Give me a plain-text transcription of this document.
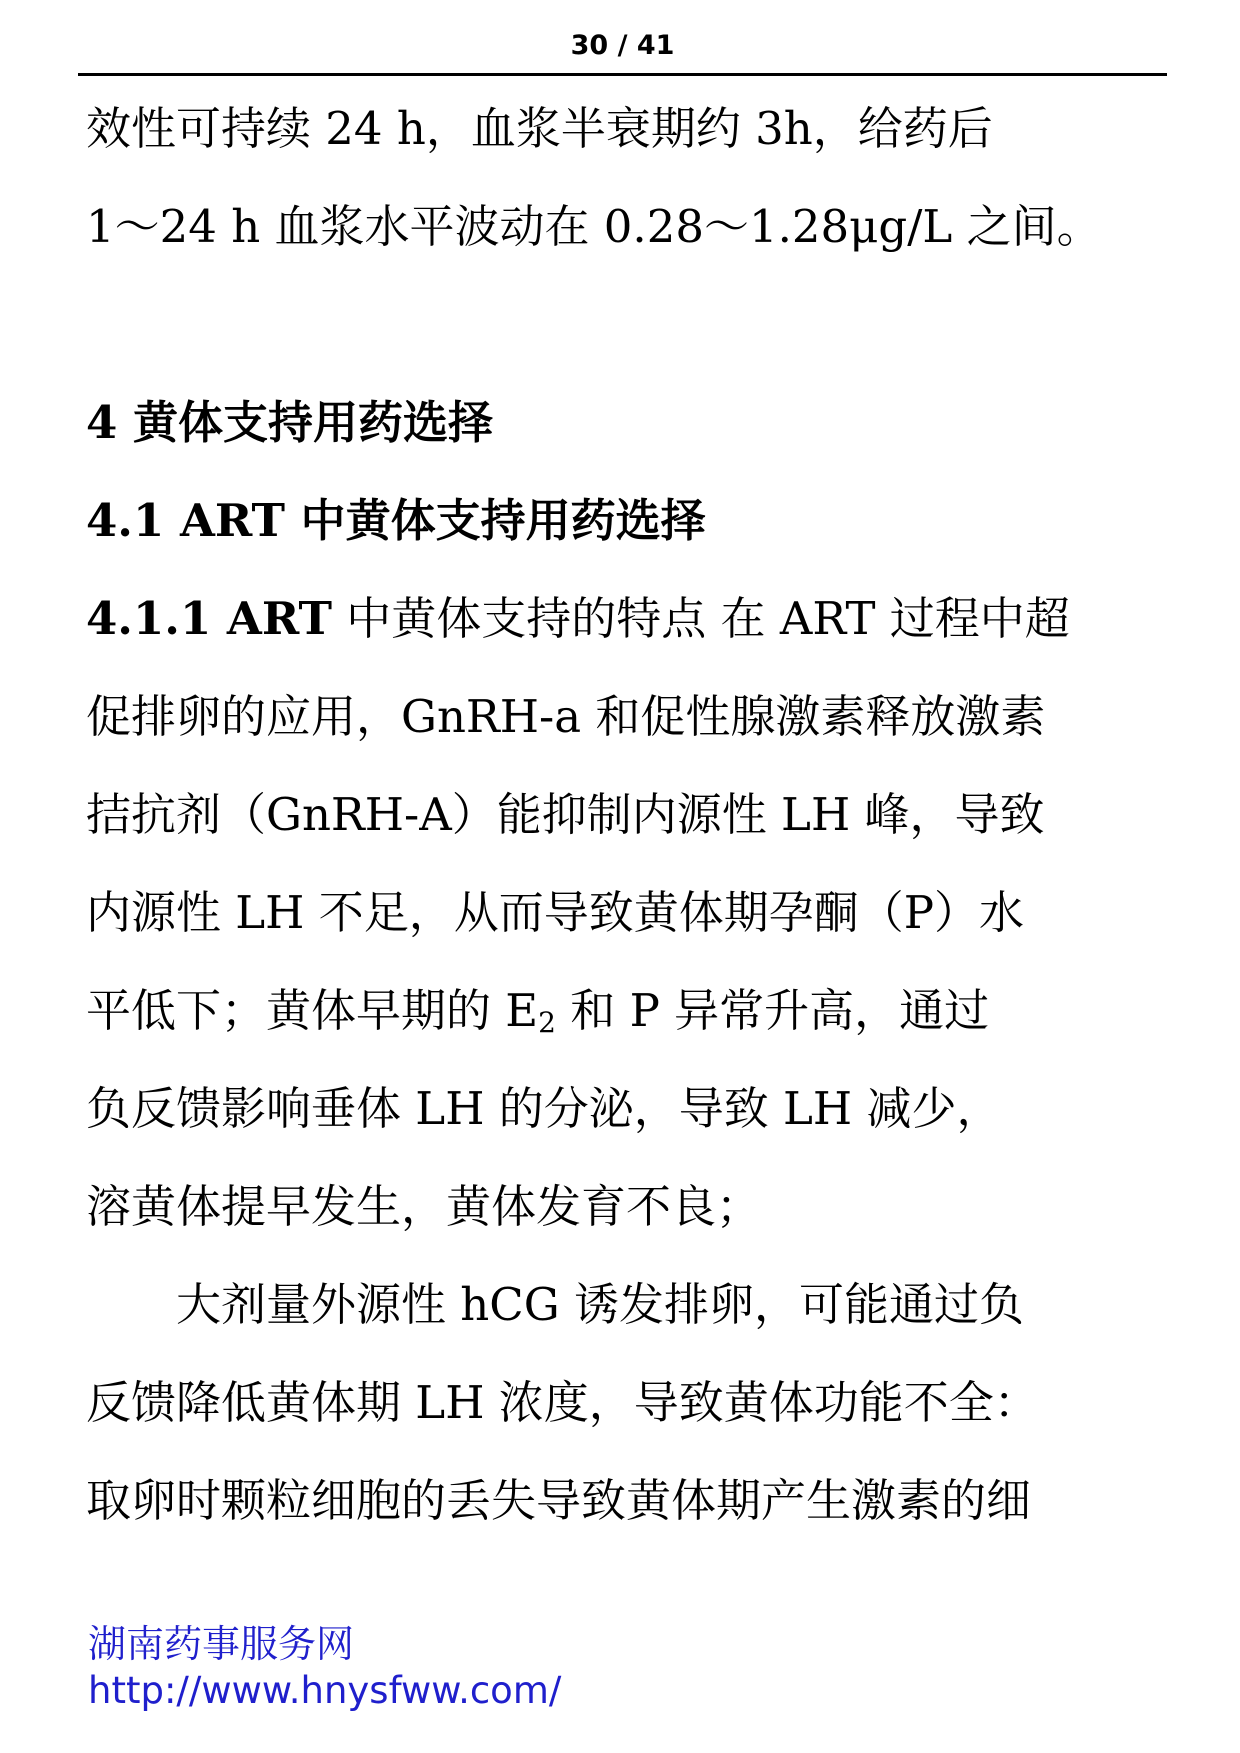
30 / 41
效性可持续 24 h，血浆半衰期约 3h，给药后
1～24 h 血浆水平波动在 0.28～1.28μg/L 之间。
4 黄体支持用药选择
4.1 ART 中黄体支持用药选择
4.1.1 ART 中黄体支持的特点 在 ART 过程中超
促排卵的应用，GnRH-a 和促性腺激素释放激素
拮抗剂（GnRH-A）能抑制内源性 LH 峰，导致
内源性 LH 不足，从而导致黄体期孕酮（P）水
平低下；黄体早期的 $E_2$ 和 P 异常升高，通过
负反馈影响垂体 LH 的分泌，导致 LH 减少，
溶黄体提早发生，黄体发育不良；
大剂量外源性 hCG 诱发排卵，可能通过负
反馈降低黄体期 LH 浓度，导致黄体功能不全：
取卵时颗粒细胞的丢失导致黄体期产生激素的细
湖南药事服务网
http://www.hnysfww.com/
